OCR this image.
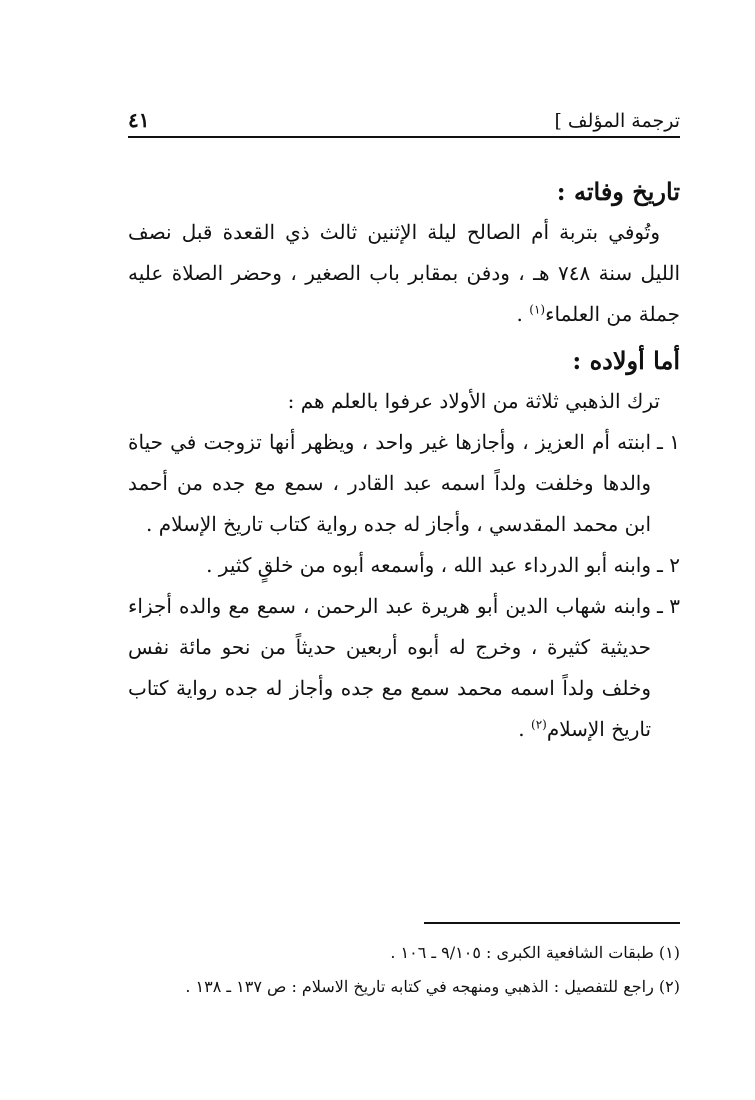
ترجمة المؤلف ]
٤١
تاريخ وفاته :
وتُوفي بتربة أم الصالح ليلة الإثنين ثالث ذي القعدة قبل نصف الليل سنة ٧٤٨ هـ ، ودفن بمقابر باب الصغير ، وحضر الصلاة عليه جملة من العلماء$^{(١)}$ .
أما أولاده :
ترك الذهبي ثلاثة من الأولاد عرفوا بالعلم هم :
١ ـ
ابنته أم العزيز ، وأجازها غير واحد ، ويظهر أنها تزوجت في حياة والدها وخلفت ولداً اسمه عبد القادر ، سمع مع جده من أحمد ابن محمد المقدسي ، وأجاز له جده رواية كتاب تاريخ الإسلام .
٢ ـ
وابنه أبو الدرداء عبد الله ، وأسمعه أبوه من خلقٍ كثير .
٣ ـ
وابنه شهاب الدين أبو هريرة عبد الرحمن ، سمع مع والده أجزاء حديثية كثيرة ، وخرج له أبوه أربعين حديثاً من نحو مائة نفس وخلف ولداً اسمه محمد سمع مع جده وأجاز له جده رواية كتاب تاريخ الإسلام$^{(٢)}$ .
(١) طبقات الشافعية الكبرى : ٩/١٠٥ ـ ١٠٦ .
(٢) راجع للتفصيل : الذهبي ومنهجه في كتابه تاريخ الاسلام : ص ١٣٧ ـ ١٣٨ .
